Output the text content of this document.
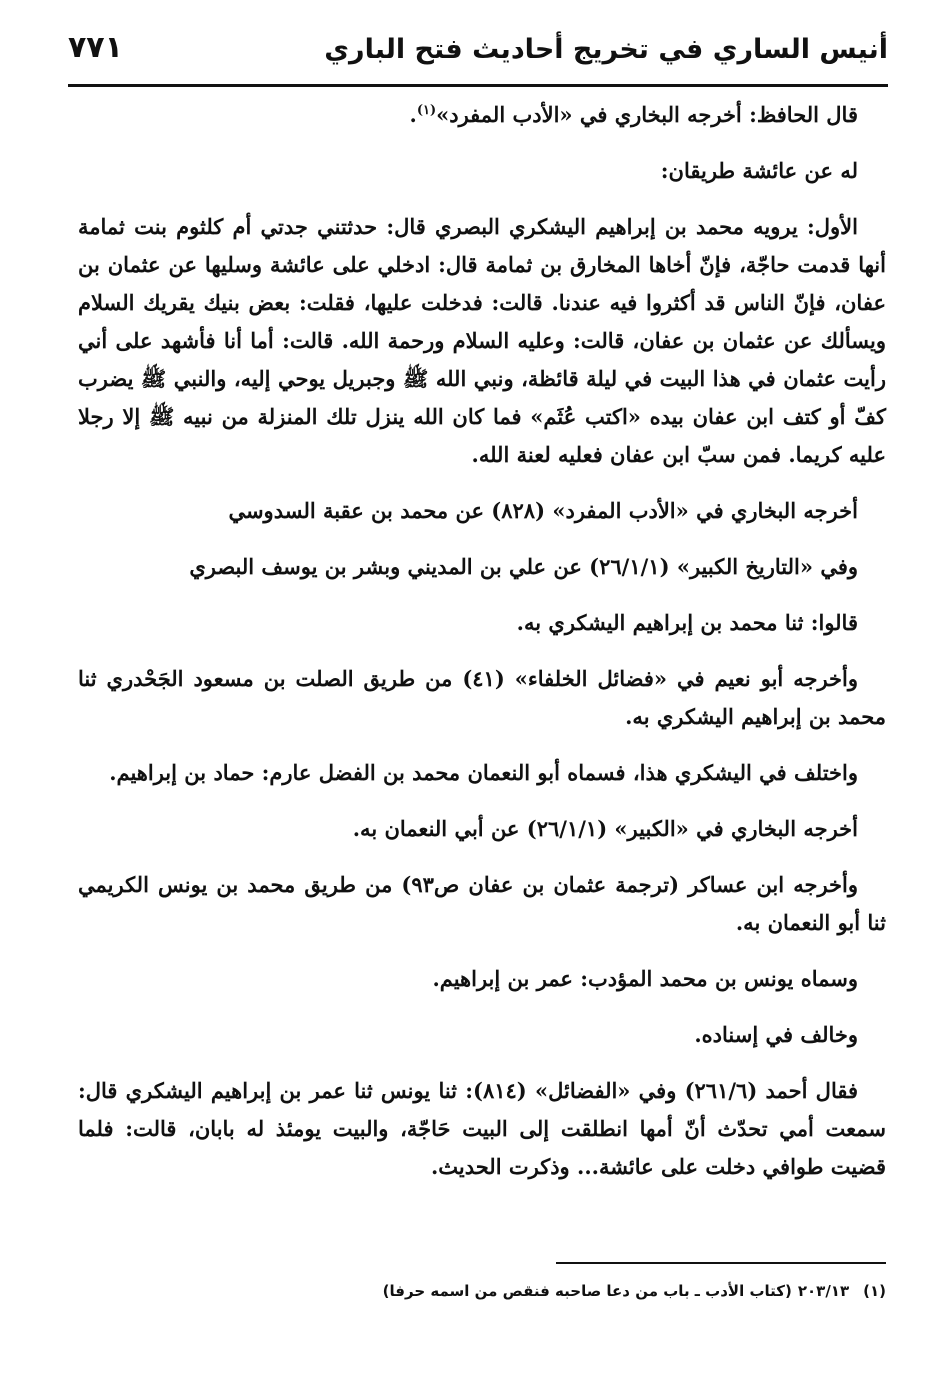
أنيس الساري في تخريج أحاديث فتح الباري
٧٧١

قال الحافظ: أخرجه البخاري في «الأدب المفرد»$^{(١)}$.

له عن عائشة طريقان:

الأول: يرويه محمد بن إبراهيم اليشكري البصري قال: حدثتني جدتي أم كلثوم بنت ثمامة أنها قدمت حاجّة، فإنّ أخاها المخارق بن ثمامة قال: ادخلي على عائشة وسليها عن عثمان بن عفان، فإنّ الناس قد أكثروا فيه عندنا. قالت: فدخلت عليها، فقلت: بعض بنيك يقريك السلام ويسألك عن عثمان بن عفان، قالت: وعليه السلام ورحمة الله. قالت: أما أنا فأشهد على أني رأيت عثمان في هذا البيت في ليلة قائظة، ونبي الله ﷺ وجبريل يوحي إليه، والنبي ﷺ يضرب كفّ أو كتف ابن عفان بيده «اكتب عُثَم» فما كان الله ينزل تلك المنزلة من نبيه ﷺ إلا رجلا عليه كريما. فمن سبّ ابن عفان فعليه لعنة الله.

أخرجه البخاري في «الأدب المفرد» (٨٢٨) عن محمد بن عقبة السدوسي

وفي «التاريخ الكبير» (٢٦/١/١) عن علي بن المديني وبشر بن يوسف البصري

قالوا: ثنا محمد بن إبراهيم اليشكري به.

وأخرجه أبو نعيم في «فضائل الخلفاء» (٤١) من طريق الصلت بن مسعود الجَحْدري ثنا محمد بن إبراهيم اليشكري به.

واختلف في اليشكري هذا، فسماه أبو النعمان محمد بن الفضل عارم: حماد بن إبراهيم.

أخرجه البخاري في «الكبير» (٢٦/١/١) عن أبي النعمان به.

وأخرجه ابن عساكر (ترجمة عثمان بن عفان ص٩٣) من طريق محمد بن يونس الكريمي ثنا أبو النعمان به.

وسماه يونس بن محمد المؤدب: عمر بن إبراهيم.

وخالف في إسناده.

فقال أحمد (٢٦١/٦) وفي «الفضائل» (٨١٤): ثنا يونس ثنا عمر بن إبراهيم اليشكري قال: سمعت أمي تحدّث أنّ أمها انطلقت إلى البيت حَاجّة، والبيت يومئذ له بابان، قالت: فلما قضيت طوافي دخلت على عائشة... وذكرت الحديث.

(١)٢٠٣/١٣(كتاب الأدب ـ باب من دعا صاحبه فنقص من اسمه حرفا)
